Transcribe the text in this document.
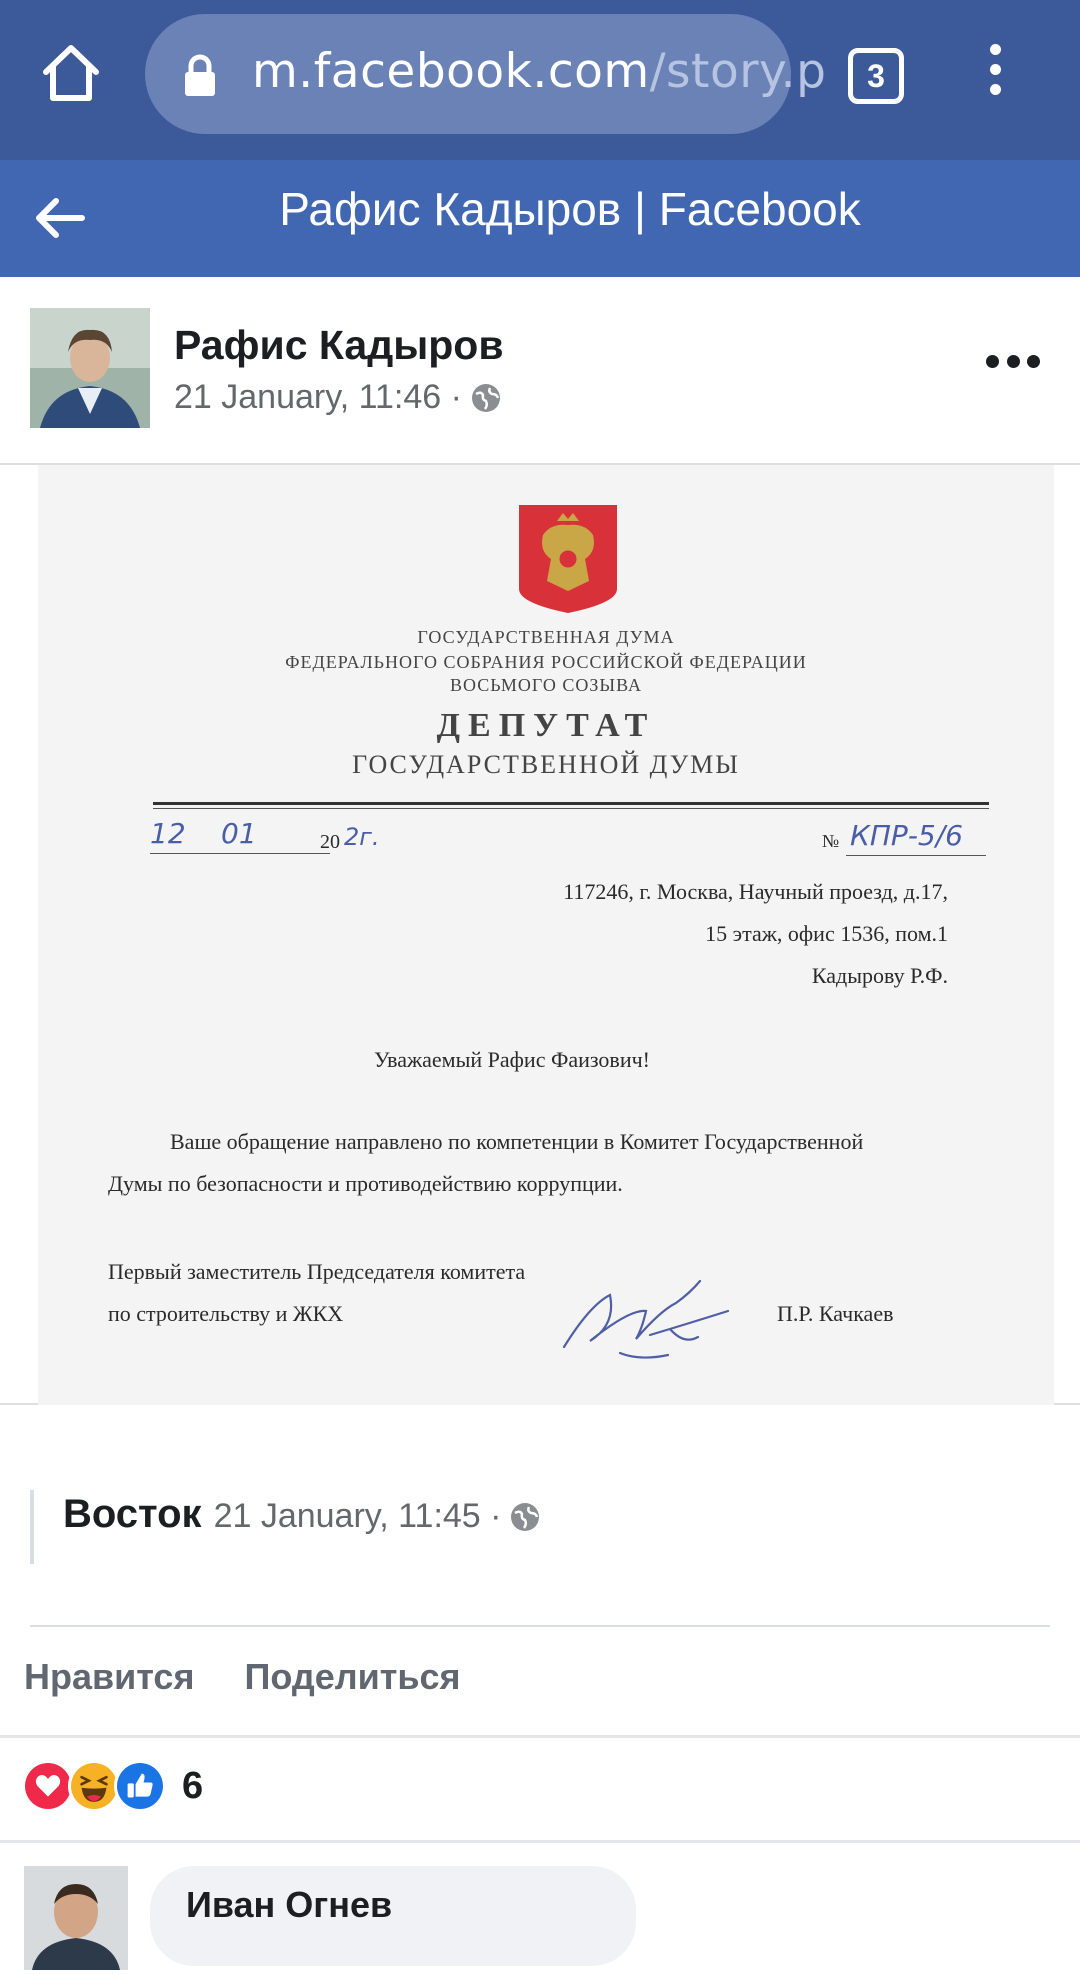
m.facebook.com/story.p	3
Рафис Кадыров | Facebook
Рафис Кадыров
21 January, 11:46 ·
ГОСУДАРСТВЕННАЯ ДУМА
ФЕДЕРАЛЬНОГО СОБРАНИЯ РОССИЙСКОЙ ФЕДЕРАЦИИ
ВОСЬМОГО СОЗЫВА
ДЕПУТАТ
ГОСУДАРСТВЕННОЙ ДУМЫ
12 01	20 2г.	№ КПР-5/6
117246, г. Москва, Научный проезд, д.17,
15 этаж, офис 1536, пом.1
Кадырову Р.Ф.
Уважаемый Рафис Фаизович!
Ваше обращение направлено по компетенции в Комитет Государственной
Думы по безопасности и противодействию коррупции.
Первый заместитель Председателя комитета
по строительству и ЖКХ	П.Р. Качкаев
Восток 21 January, 11:45 ·
Нравится Поделиться
6
Иван Огнев
